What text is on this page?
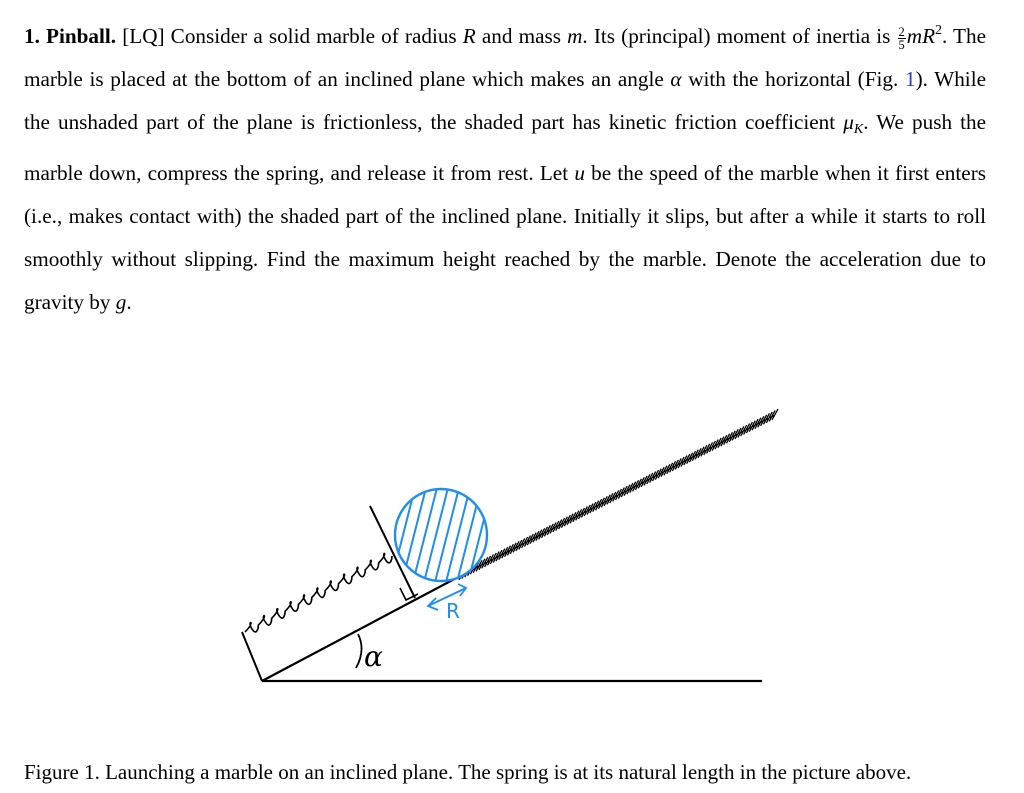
1. Pinball. [LQ] Consider a solid marble of radius R and mass m. Its (principal) moment of inertia is $\frac{2}{5} mR^2$. The marble is placed at the bottom of an inclined plane which makes an angle α with the horizontal (Fig. 1). While the unshaded part of the plane is frictionless, the shaded part has kinetic friction coefficient $\mu_K$. We push the marble down, compress the spring, and release it from rest. Let u be the speed of the marble when it first enters (i.e., makes contact with) the shaded part of the inclined plane. Initially it slips, but after a while it starts to roll smoothly without slipping. Find the maximum height reached by the marble. Denote the acceleration due to gravity by g.
R
α
Figure 1. Launching a marble on an inclined plane. The spring is at its natural length in the picture above.
